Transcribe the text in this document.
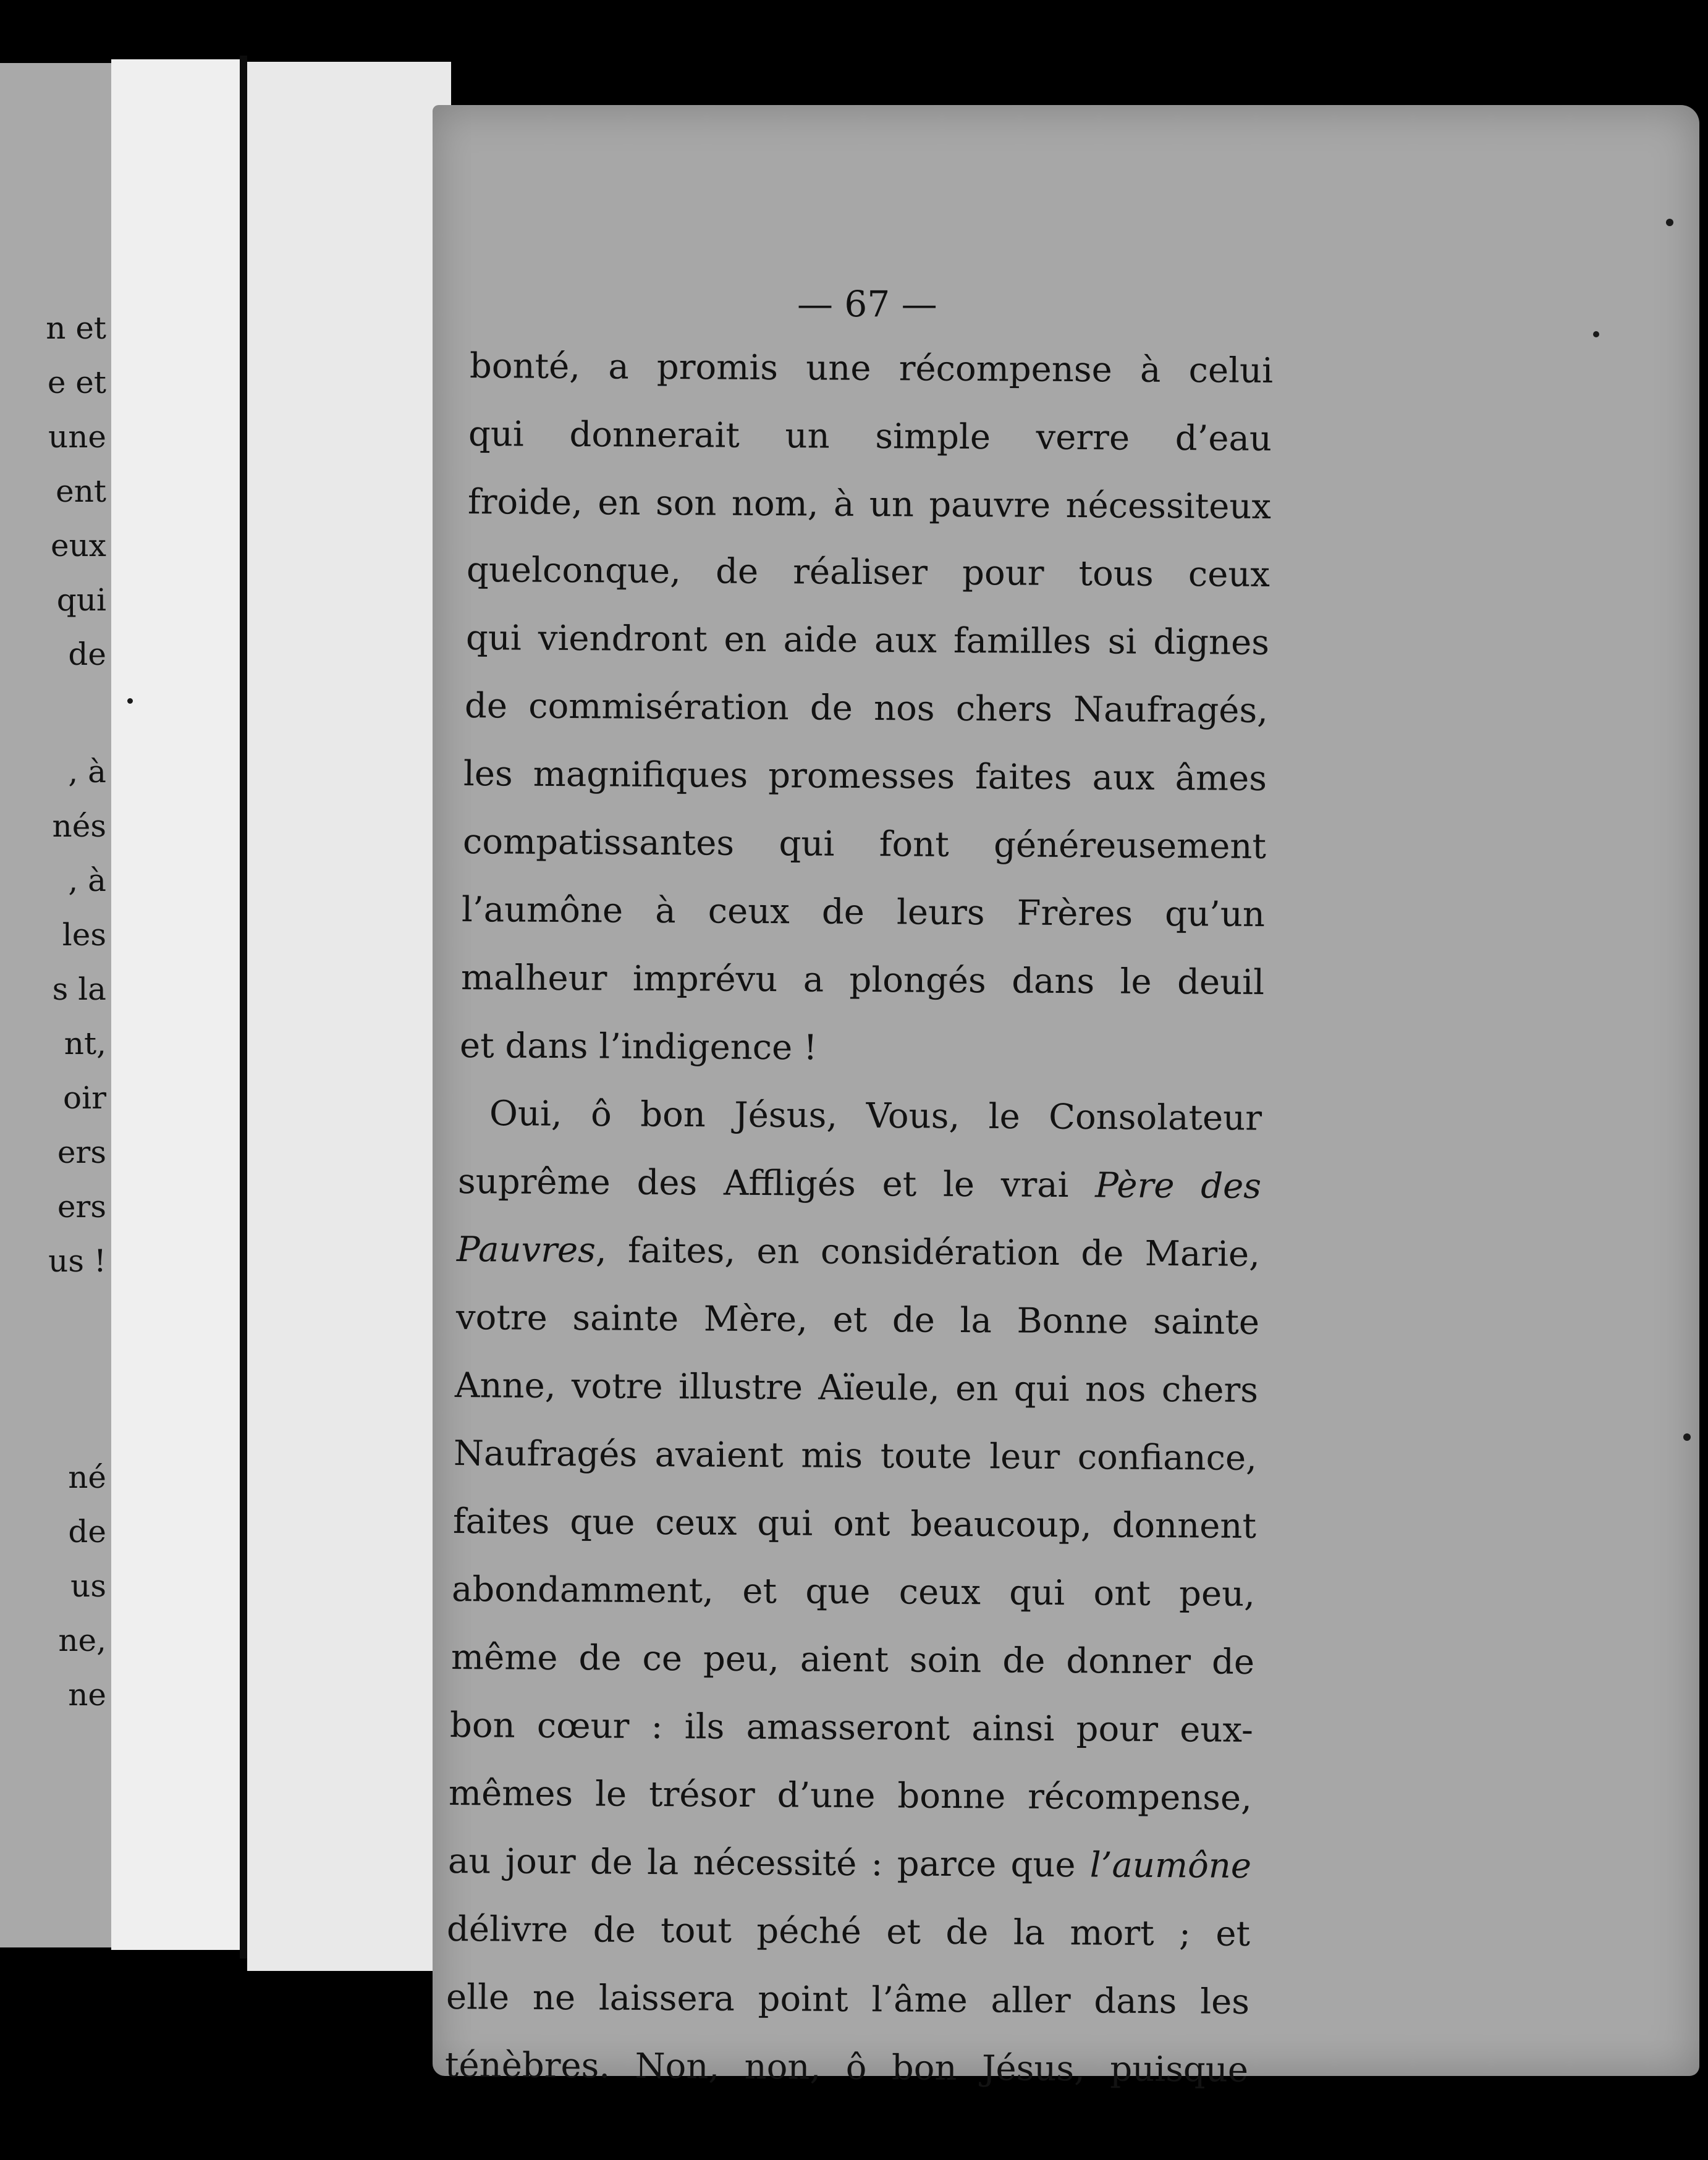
n et
e et
une
ent
eux
qui
de
, à
nés
, à
les
s la
nt,
oir
ers
ers
us !
né
de
us
ne,
ne
— 67 —
bonté, a promis une récompense à celui
qui donnerait un simple verre d’eau
froide, en son nom, à un pauvre nécessiteux
quelconque, de réaliser pour tous ceux
qui viendront en aide aux familles si dignes
de commisération de nos chers Naufragés,
les magnifiques promesses faites aux âmes
compatissantes qui font généreusement
l’aumône à ceux de leurs Frères qu’un
malheur imprévu a plongés dans le deuil
et dans l’indigence !
Oui, ô bon Jésus, Vous, le Consolateur
suprême des Affligés et le vrai Père des
Pauvres, faites, en considération de Marie,
votre sainte Mère, et de la Bonne sainte
Anne, votre illustre Aïeule, en qui nos chers
Naufragés avaient mis toute leur confiance,
faites que ceux qui ont beaucoup, donnent
abondamment, et que ceux qui ont peu,
même de ce peu, aient soin de donner de
bon cœur : ils amasseront ainsi pour eux-
mêmes le trésor d’une bonne récompense,
au jour de la nécessité : parce que l’aumône
délivre de tout péché et de la mort ; et
elle ne laissera point l’âme aller dans les
ténèbres. Non, non, ô bon Jésus, puisque
